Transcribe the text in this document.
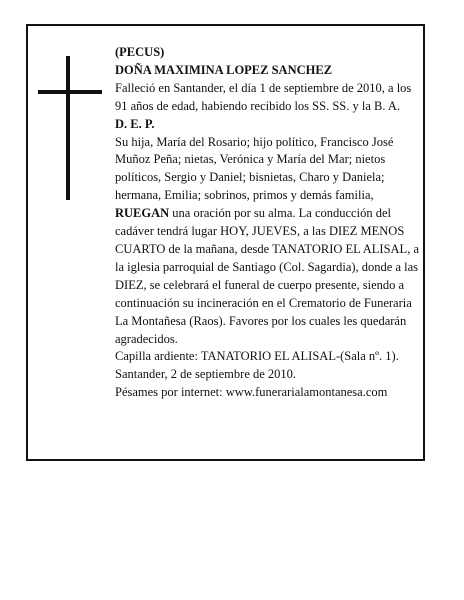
(PECUS)

DOÑA MAXIMINA LOPEZ SANCHEZ

Falleció en Santander, el día 1 de septiembre de 2010, a los 91 años de edad, habiendo recibido los SS. SS. y la B. A.

D. E. P.

Su hija, María del Rosario; hijo político, Francisco José Muñoz Peña; nietas, Verónica y María del Mar; nietos políticos, Sergio y Daniel; bisnietas, Charo y Daniela; hermana, Emilia; sobrinos, primos y demás familia,

RUEGAN una oración por su alma. La conducción del cadáver tendrá lugar HOY, JUEVES, a las DIEZ MENOS CUARTO de la mañana, desde TANATORIO EL ALISAL, a la iglesia parroquial de Santiago (Col. Sagardia), donde a las DIEZ, se celebrará el funeral de cuerpo presente, siendo a continuación su incineración en el Crematorio de Funeraria La Montañesa (Raos). Favores por los cuales les quedarán agradecidos.

Capilla ardiente: TANATORIO EL ALISAL-(Sala nº. 1).

Santander, 2 de septiembre de 2010.

Pésames por internet: www.funerarialamontanesa.com
